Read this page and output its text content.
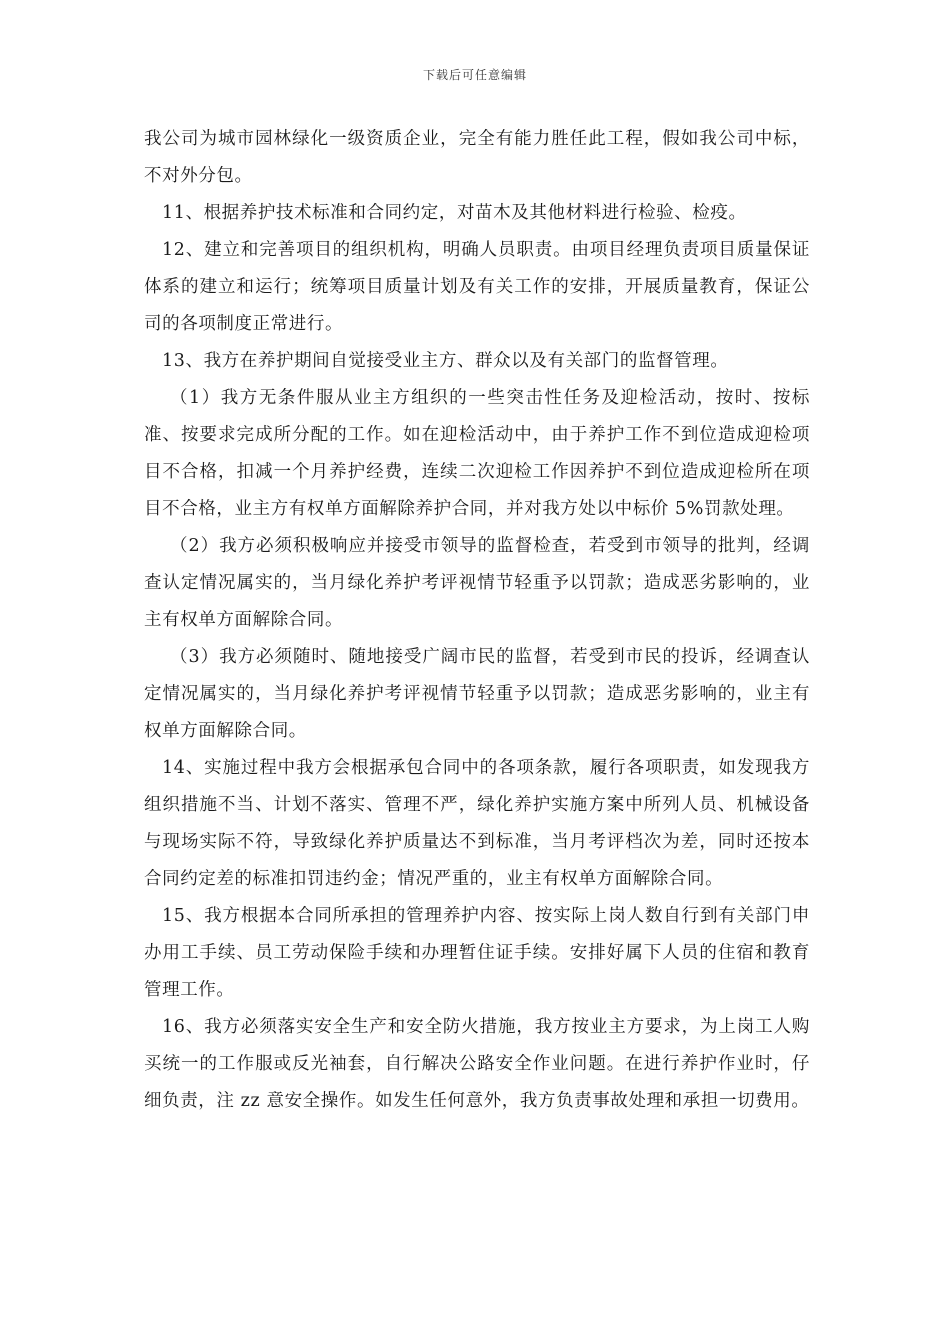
下载后可任意编辑

我公司为城市园林绿化一级资质企业，完全有能力胜任此工程，假如我公司中标，不对外分包。

11、根据养护技术标准和合同约定，对苗木及其他材料进行检验、检疫。

12、建立和完善项目的组织机构，明确人员职责。由项目经理负责项目质量保证体系的建立和运行；统筹项目质量计划及有关工作的安排，开展质量教育，保证公司的各项制度正常进行。

13、我方在养护期间自觉接受业主方、群众以及有关部门的监督管理。

（1）我方无条件服从业主方组织的一些突击性任务及迎检活动，按时、按标准、按要求完成所分配的工作。如在迎检活动中，由于养护工作不到位造成迎检项目不合格，扣减一个月养护经费，连续二次迎检工作因养护不到位造成迎检所在项目不合格，业主方有权单方面解除养护合同，并对我方处以中标价 5%罚款处理。

（2）我方必须积极响应并接受市领导的监督检查，若受到市领导的批判，经调查认定情况属实的，当月绿化养护考评视情节轻重予以罚款；造成恶劣影响的，业主有权单方面解除合同。

（3）我方必须随时、随地接受广阔市民的监督，若受到市民的投诉，经调查认定情况属实的，当月绿化养护考评视情节轻重予以罚款；造成恶劣影响的，业主有权单方面解除合同。

14、实施过程中我方会根据承包合同中的各项条款，履行各项职责，如发现我方组织措施不当、计划不落实、管理不严，绿化养护实施方案中所列人员、机械设备与现场实际不符，导致绿化养护质量达不到标准，当月考评档次为差，同时还按本合同约定差的标准扣罚违约金；情况严重的，业主有权单方面解除合同。

15、我方根据本合同所承担的管理养护内容、按实际上岗人数自行到有关部门申办用工手续、员工劳动保险手续和办理暂住证手续。安排好属下人员的住宿和教育管理工作。

16、我方必须落实安全生产和安全防火措施，我方按业主方要求，为上岗工人购买统一的工作服或反光袖套，自行解决公路安全作业问题。在进行养护作业时，仔细负责，注 zz 意安全操作。如发生任何意外，我方负责事故处理和承担一切费用。
